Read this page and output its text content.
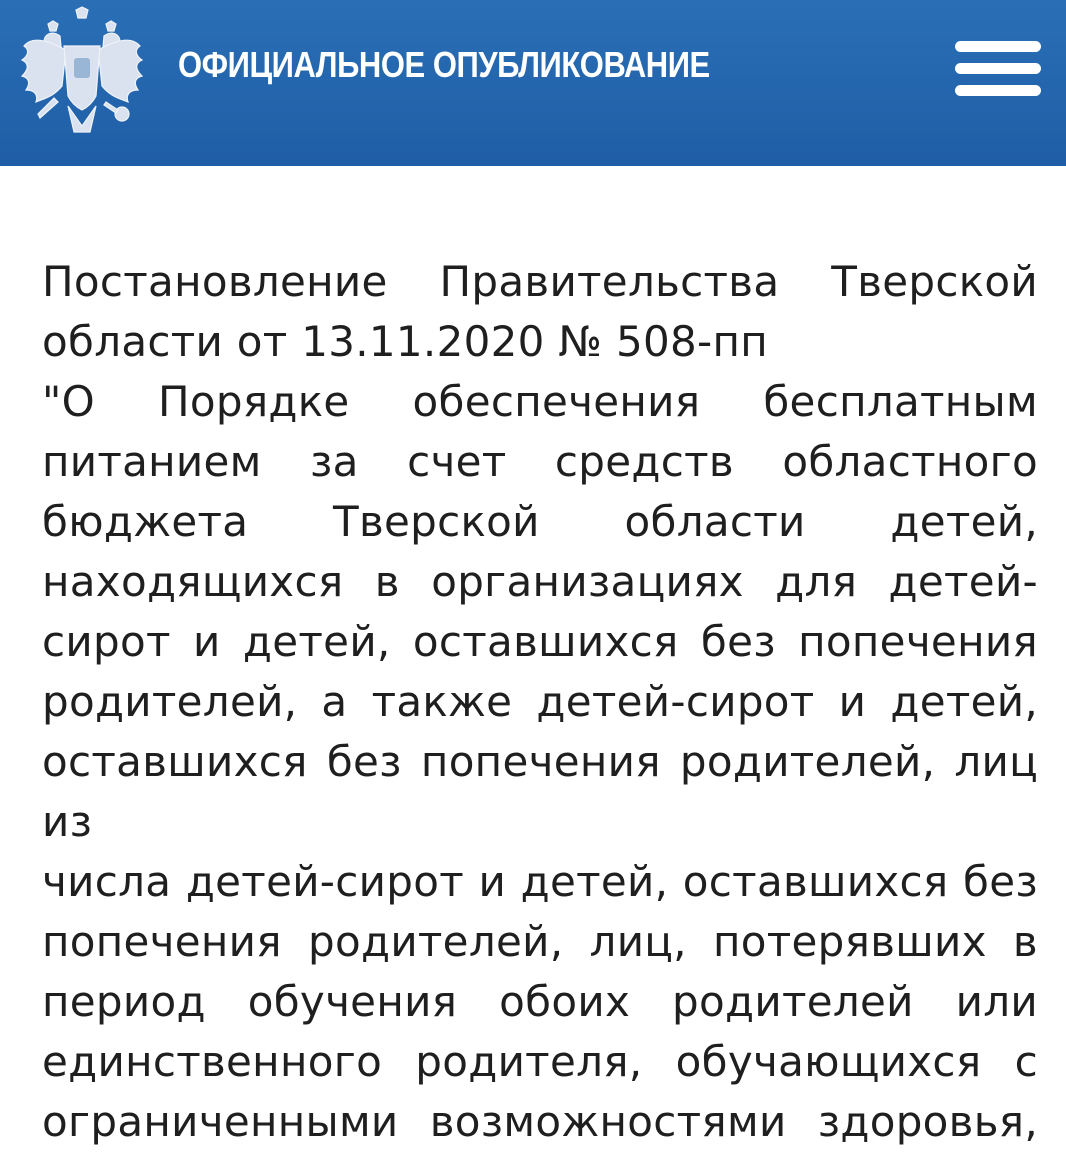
ОФИЦИАЛЬНОЕ ОПУБЛИКОВАНИЕ
Постановление Правительства Тверской
области от 13.11.2020 № 508-пп
"О Порядке обеспечения бесплатным
питанием за счет средств областного
бюджета Тверской области детей,
находящихся в организациях для детей-
сирот и детей, оставшихся без попечения
родителей, а также детей-сирот и детей,
оставшихся без попечения родителей, лиц из
числа детей-сирот и детей, оставшихся без
попечения родителей, лиц, потерявших в
период обучения обоих родителей или
единственного родителя, обучающихся с
ограниченными возможностями здоровья,
